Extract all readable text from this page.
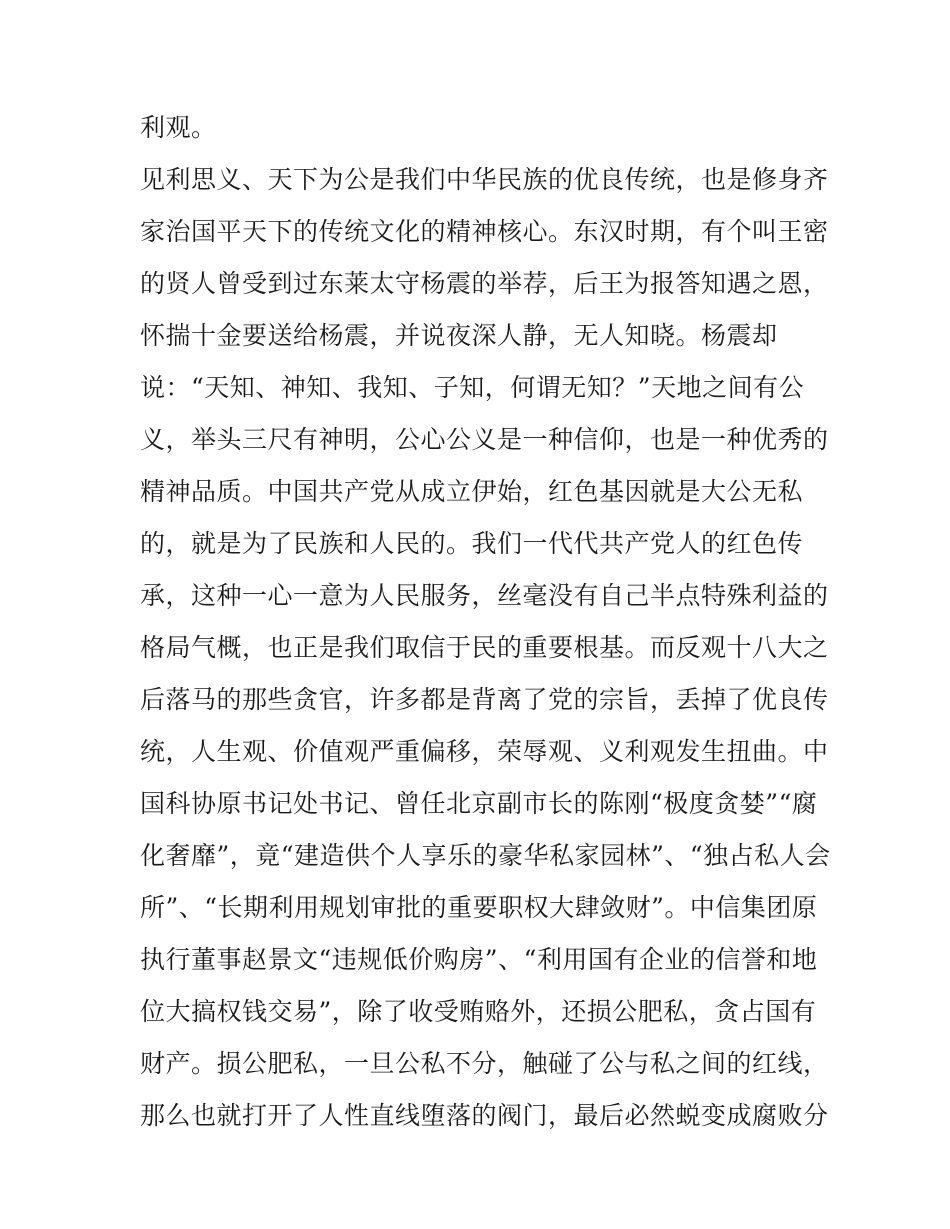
利观。
见利思义、天下为公是我们中华民族的优良传统，也是修身齐
家治国平天下的传统文化的精神核心。东汉时期，有个叫王密
的贤人曾受到过东莱太守杨震的举荐，后王为报答知遇之恩，
怀揣十金要送给杨震，并说夜深人静，无人知晓。杨震却
说：“天知、神知、我知、子知，何谓无知？”天地之间有公
义，举头三尺有神明，公心公义是一种信仰，也是一种优秀的
精神品质。中国共产党从成立伊始，红色基因就是大公无私
的，就是为了民族和人民的。我们一代代共产党人的红色传
承，这种一心一意为人民服务，丝毫没有自己半点特殊利益的
格局气概，也正是我们取信于民的重要根基。而反观十八大之
后落马的那些贪官，许多都是背离了党的宗旨，丢掉了优良传
统，人生观、价值观严重偏移，荣辱观、义利观发生扭曲。中
国科协原书记处书记、曾任北京副市长的陈刚“极度贪婪”“腐
化奢靡”，竟“建造供个人享乐的豪华私家园林”、“独占私人会
所”、“长期利用规划审批的重要职权大肆敛财”。中信集团原
执行董事赵景文“违规低价购房”、“利用国有企业的信誉和地
位大搞权钱交易”，除了收受贿赂外，还损公肥私，贪占国有
财产。损公肥私，一旦公私不分，触碰了公与私之间的红线，
那么也就打开了人性直线堕落的阀门，最后必然蜕变成腐败分
